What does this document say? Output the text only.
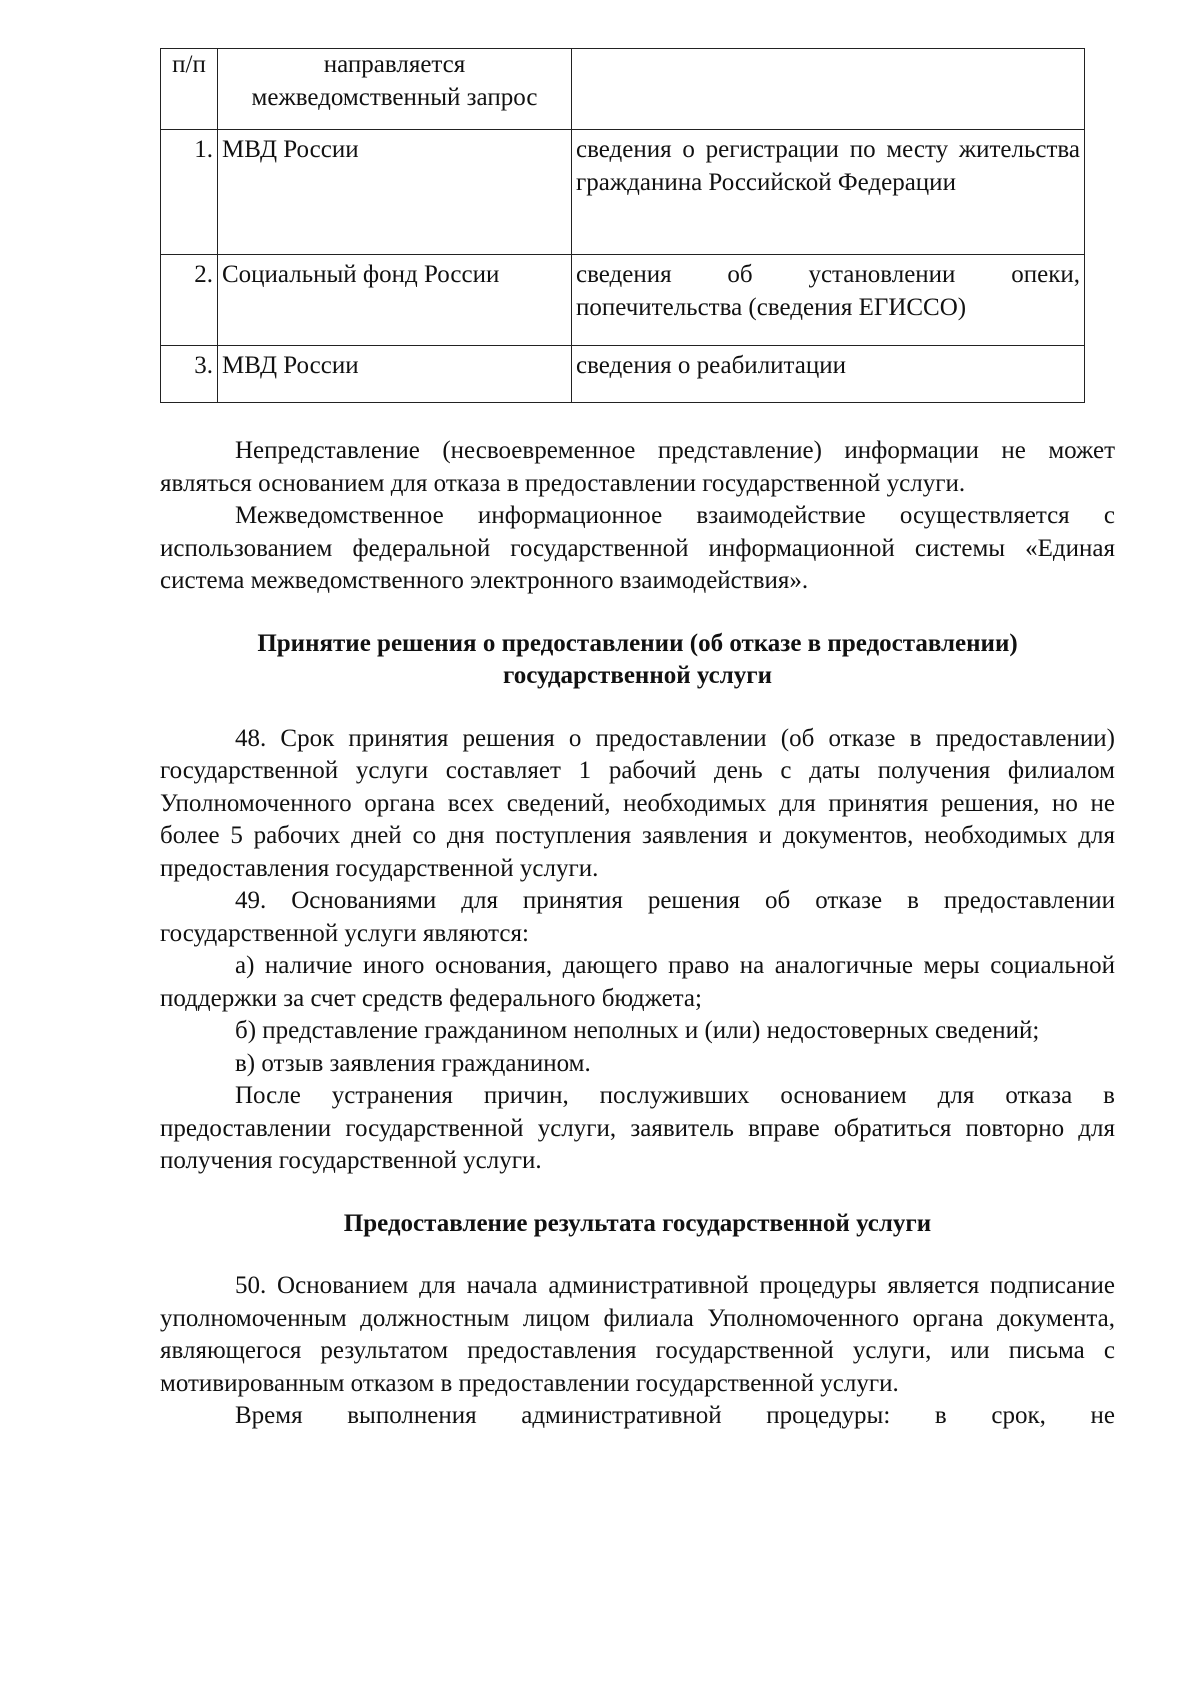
п/п	направляется межведомственный запрос	
1.	МВД России	сведения о регистрации по месту жительства гражданина Российской Федерации
2.	Социальный фонд России	сведения об установлении опеки, попечительства (сведения ЕГИССО)
3.	МВД России	сведения о реабилитации

Непредставление (несвоевременное представление) информации не может являться основанием для отказа в предоставлении государственной услуги.

Межведомственное информационное взаимодействие осуществляется с использованием федеральной государственной информационной системы «Единая система межведомственного электронного взаимодействия».

Принятие решения о предоставлении (об отказе в предоставлении)
государственной услуги

48. Срок принятия решения о предоставлении (об отказе в предоставлении) государственной услуги составляет 1 рабочий день с даты получения филиалом Уполномоченного органа всех сведений, необходимых для принятия решения, но не более 5 рабочих дней со дня поступления заявления и документов, необходимых для предоставления государственной услуги.

49. Основаниями для принятия решения об отказе в предоставлении государственной услуги являются:

а) наличие иного основания, дающего право на аналогичные меры социальной поддержки за счет средств федерального бюджета;

б) представление гражданином неполных и (или) недостоверных сведений;

в) отзыв заявления гражданином.

После устранения причин, послуживших основанием для отказа в предоставлении государственной услуги, заявитель вправе обратиться повторно для получения государственной услуги.

Предоставление результата государственной услуги

50. Основанием для начала административной процедуры является подписание уполномоченным должностным лицом филиала Уполномоченного органа документа, являющегося результатом предоставления государственной услуги, или письма с мотивированным отказом в предоставлении государственной услуги.

Время выполнения административной процедуры: в срок, не
